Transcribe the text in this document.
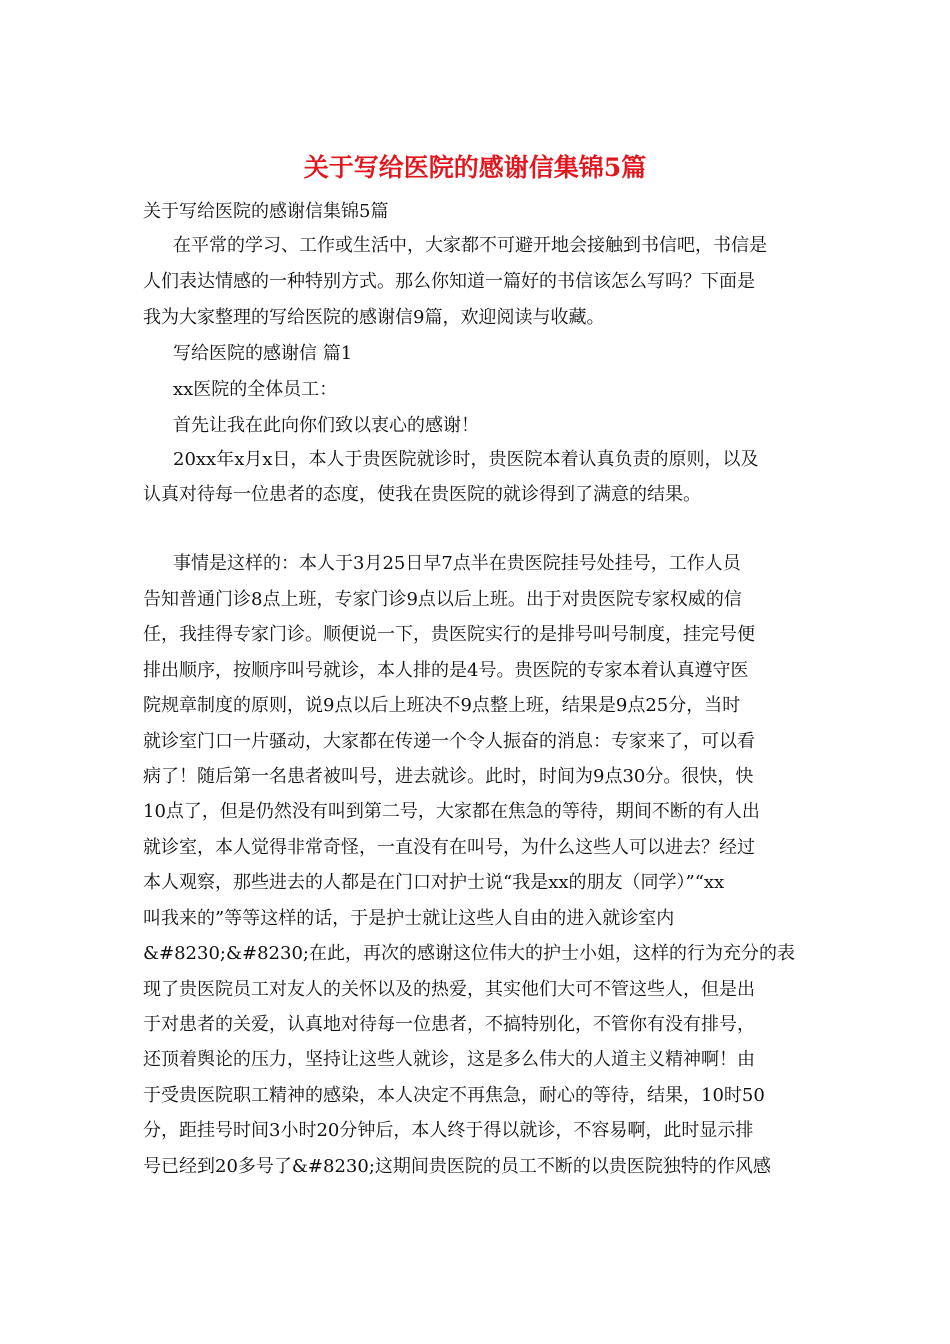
关于写给医院的感谢信集锦5篇

关于写给医院的感谢信集锦5篇

在平常的学习、工作或生活中，大家都不可避开地会接触到书信吧，书信是

人们表达情感的一种特别方式。那么你知道一篇好的书信该怎么写吗？下面是

我为大家整理的写给医院的感谢信9篇，欢迎阅读与收藏。

写给医院的感谢信 篇1

xx医院的全体员工：

首先让我在此向你们致以衷心的感谢！

20xx年x月x日，本人于贵医院就诊时，贵医院本着认真负责的原则，以及

认真对待每一位患者的态度，使我在贵医院的就诊得到了满意的结果。

事情是这样的：本人于3月25日早7点半在贵医院挂号处挂号，工作人员

告知普通门诊8点上班，专家门诊9点以后上班。出于对贵医院专家权威的信

任，我挂得专家门诊。顺便说一下，贵医院实行的是排号叫号制度，挂完号便

排出顺序，按顺序叫号就诊，本人排的是4号。贵医院的专家本着认真遵守医

院规章制度的原则，说9点以后上班决不9点整上班，结果是9点25分，当时

就诊室门口一片骚动，大家都在传递一个令人振奋的消息：专家来了，可以看

病了！随后第一名患者被叫号，进去就诊。此时，时间为9点30分。很快，快

10点了，但是仍然没有叫到第二号，大家都在焦急的等待，期间不断的有人出

就诊室，本人觉得非常奇怪，一直没有在叫号，为什么这些人可以进去？经过

本人观察，那些进去的人都是在门口对护士说“我是xx的朋友（同学）”“xx

叫我来的”等等这样的话，于是护士就让这些人自由的进入就诊室内

&#8230;&#8230;在此，再次的感谢这位伟大的护士小姐，这样的行为充分的表

现了贵医院员工对友人的关怀以及的热爱，其实他们大可不管这些人，但是出

于对患者的关爱，认真地对待每一位患者，不搞特别化，不管你有没有排号，

还顶着舆论的压力，坚持让这些人就诊，这是多么伟大的人道主义精神啊！由

于受贵医院职工精神的感染，本人决定不再焦急，耐心的等待，结果，10时50

分，距挂号时间3小时20分钟后，本人终于得以就诊，不容易啊，此时显示排

号已经到20多号了&#8230;这期间贵医院的员工不断的以贵医院独特的作风感
